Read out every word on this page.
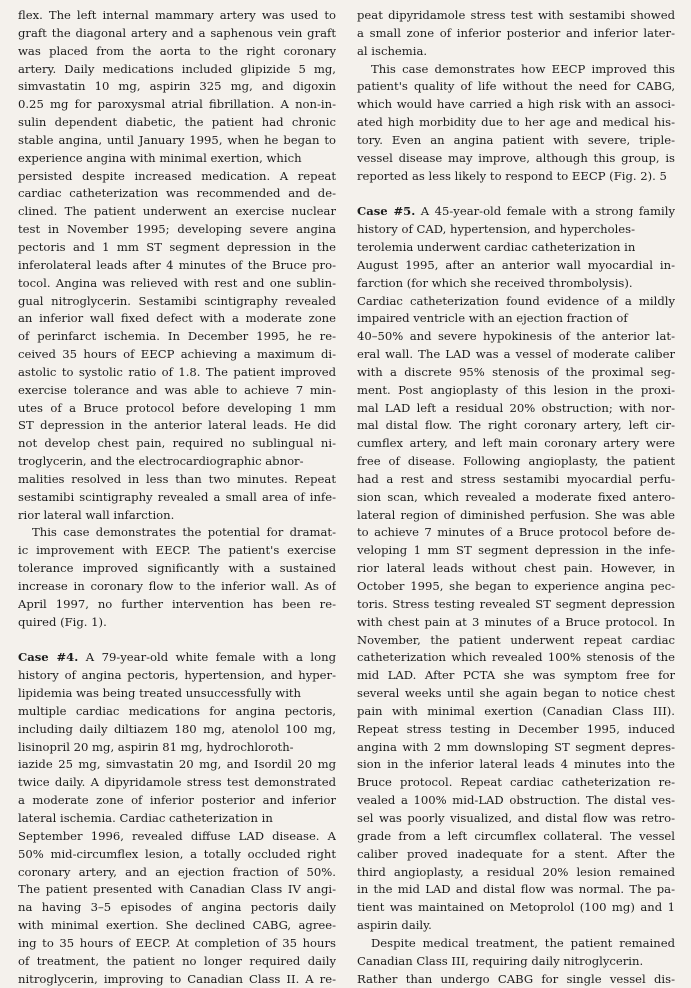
flex. The left internal mammary artery was used to
graft the diagonal artery and a saphenous vein graft
was placed from the aorta to the right coronary
artery. Daily medications included glipizide 5 mg,
simvastatin 10 mg, aspirin 325 mg, and digoxin
0.25 mg for paroxysmal atrial fibrillation. A non-in-
sulin dependent diabetic, the patient had chronic
stable angina, until January 1995, when he began to
experience angina with minimal exertion, which
persisted despite increased medication. A repeat
cardiac catheterization was recommended and de-
clined. The patient underwent an exercise nuclear
test in November 1995; developing severe angina
pectoris and 1 mm ST segment depression in the
inferolateral leads after 4 minutes of the Bruce pro-
tocol. Angina was relieved with rest and one sublin-
gual nitroglycerin. Sestamibi scintigraphy revealed
an inferior wall fixed defect with a moderate zone
of perinfarct ischemia. In December 1995, he re-
ceived 35 hours of EECP achieving a maximum di-
astolic to systolic ratio of 1.8. The patient improved
exercise tolerance and was able to achieve 7 min-
utes of a Bruce protocol before developing 1 mm
ST depression in the anterior lateral leads. He did
not develop chest pain, required no sublingual ni-
troglycerin, and the electrocardiographic abnor-
malities resolved in less than two minutes. Repeat
sestamibi scintigraphy revealed a small area of infe-
rior lateral wall infarction.
This case demonstrates the potential for dramat-
ic improvement with EECP. The patient's exercise
tolerance improved significantly with a sustained
increase in coronary flow to the inferior wall. As of
April 1997, no further intervention has been re-
quired (Fig. 1).
Case #4. A 79-year-old white female with a long
history of angina pectoris, hypertension, and hyper-
lipidemia was being treated unsuccessfully with
multiple cardiac medications for angina pectoris,
including daily diltiazem 180 mg, atenolol 100 mg,
lisinopril 20 mg, aspirin 81 mg, hydrochloroth-
iazide 25 mg, simvastatin 20 mg, and Isordil 20 mg
twice daily. A dipyridamole stress test demonstrated
a moderate zone of inferior posterior and inferior
lateral ischemia. Cardiac catheterization in
September 1996, revealed diffuse LAD disease. A
50% mid-circumflex lesion, a totally occluded right
coronary artery, and an ejection fraction of 50%.
The patient presented with Canadian Class IV angi-
na having 3–5 episodes of angina pectoris daily
with minimal exertion. She declined CABG, agree-
ing to 35 hours of EECP. At completion of 35 hours
of treatment, the patient no longer required daily
nitroglycerin, improving to Canadian Class II. A re-
peat dipyridamole stress test with sestamibi showed
a small zone of inferior posterior and inferior later-
al ischemia.
This case demonstrates how EECP improved this
patient's quality of life without the need for CABG,
which would have carried a high risk with an associ-
ated high morbidity due to her age and medical his-
tory. Even an angina patient with severe, triple-
vessel disease may improve, although this group, is
reported as less likely to respond to EECP (Fig. 2). 5
Case #5. A 45-year-old female with a strong family
history of CAD, hypertension, and hypercholes-
terolemia underwent cardiac catheterization in
August 1995, after an anterior wall myocardial in-
farction (for which she received thrombolysis).
Cardiac catheterization found evidence of a mildly
impaired ventricle with an ejection fraction of
40–50% and severe hypokinesis of the anterior lat-
eral wall. The LAD was a vessel of moderate caliber
with a discrete 95% stenosis of the proximal seg-
ment. Post angioplasty of this lesion in the proxi-
mal LAD left a residual 20% obstruction; with nor-
mal distal flow. The right coronary artery, left cir-
cumflex artery, and left main coronary artery were
free of disease. Following angioplasty, the patient
had a rest and stress sestamibi myocardial perfu-
sion scan, which revealed a moderate fixed antero-
lateral region of diminished perfusion. She was able
to achieve 7 minutes of a Bruce protocol before de-
veloping 1 mm ST segment depression in the infe-
rior lateral leads without chest pain. However, in
October 1995, she began to experience angina pec-
toris. Stress testing revealed ST segment depression
with chest pain at 3 minutes of a Bruce protocol. In
November, the patient underwent repeat cardiac
catheterization which revealed 100% stenosis of the
mid LAD. After PCTA she was symptom free for
several weeks until she again began to notice chest
pain with minimal exertion (Canadian Class III).
Repeat stress testing in December 1995, induced
angina with 2 mm downsloping ST segment depres-
sion in the inferior lateral leads 4 minutes into the
Bruce protocol. Repeat cardiac catheterization re-
vealed a 100% mid-LAD obstruction. The distal ves-
sel was poorly visualized, and distal flow was retro-
grade from a left circumflex collateral. The vessel
caliber proved inadequate for a stent. After the
third angioplasty, a residual 20% lesion remained
in the mid LAD and distal flow was normal. The pa-
tient was maintained on Metoprolol (100 mg) and 1
aspirin daily.
Despite medical treatment, the patient remained
Canadian Class III, requiring daily nitroglycerin.
Rather than undergo CABG for single vessel dis-
